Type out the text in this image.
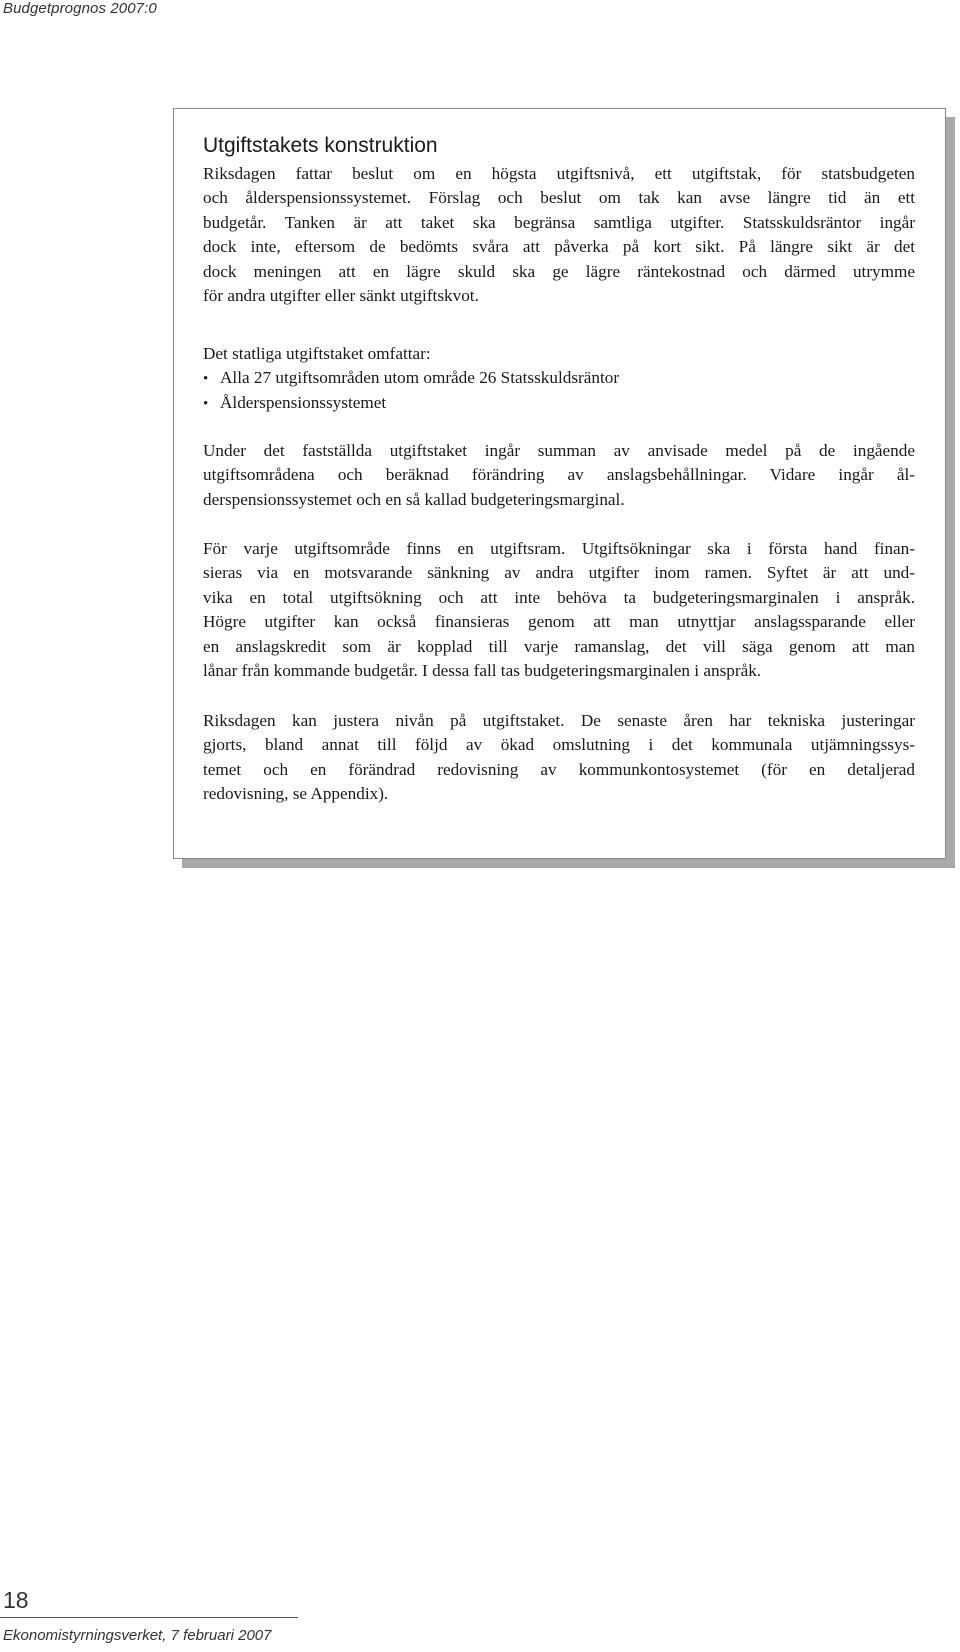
Budgetprognos 2007:0
Utgiftstakets konstruktion

Riksdagen fattar beslut om en högsta utgiftsnivå, ett utgiftstak, för statsbudgeten
och ålderspensionssystemet. Förslag och beslut om tak kan avse längre tid än ett
budgetår. Tanken är att taket ska begränsa samtliga utgifter. Statsskuldsräntor ingår
dock inte, eftersom de bedömts svåra att påverka på kort sikt. På längre sikt är det
dock meningen att en lägre skuld ska ge lägre räntekostnad och därmed utrymme
för andra utgifter eller sänkt utgiftskvot.

Det statliga utgiftstaket omfattar:

• Alla 27 utgiftsområden utom område 26 Statsskuldsräntor
• Ålderspensionssystemet

Under det fastställda utgiftstaket ingår summan av anvisade medel på de ingående
utgiftsområdena och beräknad förändring av anslagsbehållningar. Vidare ingår ål-
derspensionssystemet och en så kallad budgeteringsmarginal.

För varje utgiftsområde finns en utgiftsram. Utgiftsökningar ska i första hand finan-
sieras via en motsvarande sänkning av andra utgifter inom ramen. Syftet är att und-
vika en total utgiftsökning och att inte behöva ta budgeteringsmarginalen i anspråk.
Högre utgifter kan också finansieras genom att man utnyttjar anslagssparande eller
en anslagskredit som är kopplad till varje ramanslag, det vill säga genom att man
lånar från kommande budgetår. I dessa fall tas budgeteringsmarginalen i anspråk.

Riksdagen kan justera nivån på utgiftstaket. De senaste åren har tekniska justeringar
gjorts, bland annat till följd av ökad omslutning i det kommunala utjämningssys-
temet och en förändrad redovisning av kommunkontosystemet (för en detaljerad
redovisning, se Appendix).

18
Ekonomistyrningsverket, 7 februari 2007
